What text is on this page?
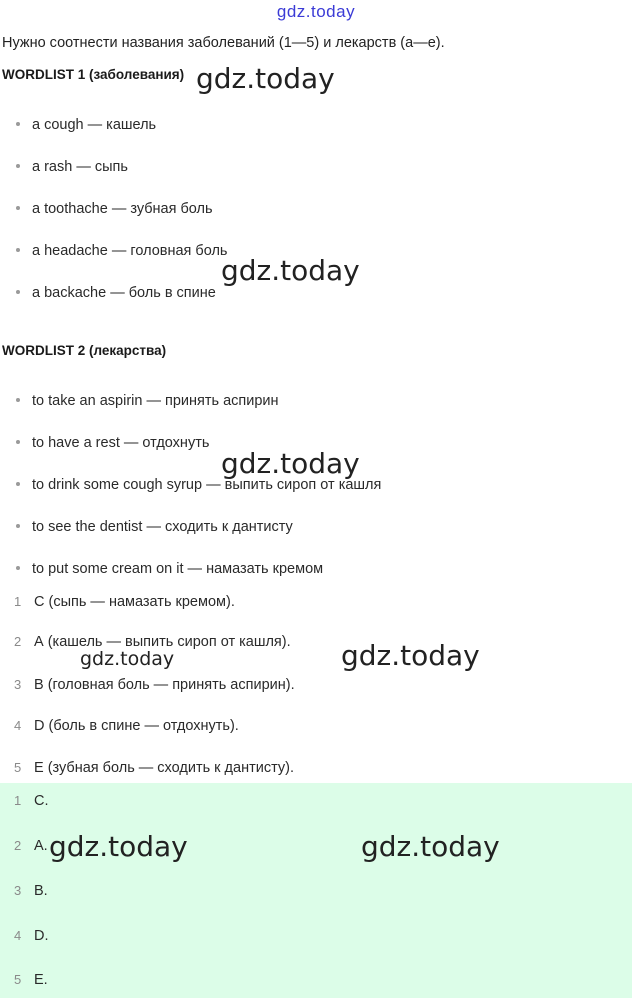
gdz.today
Нужно соотнести названия заболеваний (1—5) и лекарств (а—е).
WORDLIST 1 (заболевания)
a cough — кашель
a rash — сыпь
a toothache — зубная боль
a headache — головная боль
a backache — боль в спине
WORDLIST 2 (лекарства)
to take an aspirin — принять аспирин
to have a rest — отдохнуть
to drink some cough syrup — выпить сироп от кашля
to see the dentist — сходить к дантисту
to put some cream on it — намазать кремом
1 С (сыпь — намазать кремом).
2 А (кашель — выпить сироп от кашля).
3 В (головная боль — принять аспирин).
4 D (боль в спине — отдохнуть).
5 Е (зубная боль — сходить к дантисту).
1 С.
2 А.
3 В.
4 D.
5 Е.
gdz.today
gdz.today
gdz.today
gdz.today	gdz.today
gdz.today	gdz.today
